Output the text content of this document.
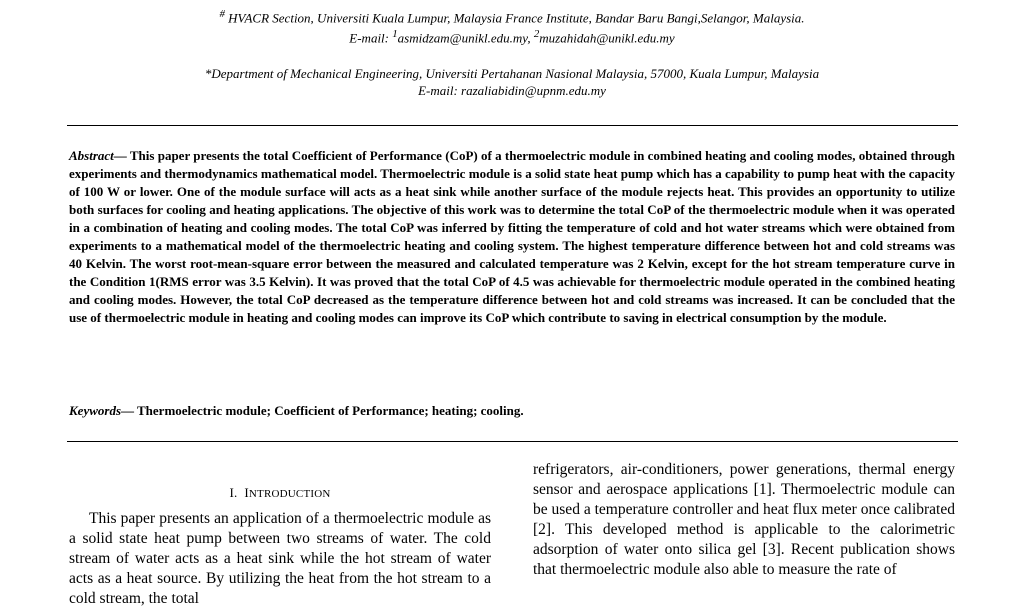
# HVACR Section, Universiti Kuala Lumpur, Malaysia France Institute, Bandar Baru Bangi,Selangor, Malaysia.
E-mail: $^1$asmidzam@unikl.edu.my, $^2$muzahidah@unikl.edu.my
*Department of Mechanical Engineering, Universiti Pertahanan Nasional Malaysia, 57000, Kuala Lumpur, Malaysia
E-mail: razaliabidin@upnm.edu.my

Abstract— This paper presents the total Coefficient of Performance (CoP) of a thermoelectric module in combined heating and cooling modes, obtained through experiments and thermodynamics mathematical model. Thermoelectric module is a solid state heat pump which has a capability to pump heat with the capacity of 100 W or lower. One of the module surface will acts as a heat sink while another surface of the module rejects heat. This provides an opportunity to utilize both surfaces for cooling and heating applications. The objective of this work was to determine the total CoP of the thermoelectric module when it was operated in a combination of heating and cooling modes. The total CoP was inferred by fitting the temperature of cold and hot water streams which were obtained from experiments to a mathematical model of the thermoelectric heating and cooling system. The highest temperature difference between hot and cold streams was 40 Kelvin. The worst root-mean-square error between the measured and calculated temperature was 2 Kelvin, except for the hot stream temperature curve in the Condition 1(RMS error was 3.5 Kelvin). It was proved that the total CoP of 4.5 was achievable for thermoelectric module operated in the combined heating and cooling modes. However, the total CoP decreased as the temperature difference between hot and cold streams was increased. It can be concluded that the use of thermoelectric module in heating and cooling modes can improve its CoP which contribute to saving in electrical consumption by the module.

Keywords— Thermoelectric module; Coefficient of Performance; heating; cooling.

I. INTRODUCTION

This paper presents an application of a thermoelectric module as a solid state heat pump between two streams of water. The cold stream of water acts as a heat sink while the hot stream of water acts as a heat source. By utilizing the heat from the hot stream to a cold stream, the total

refrigerators, air-conditioners, power generations, thermal energy sensor and aerospace applications [1]. Thermoelectric module can be used a temperature controller and heat flux meter once calibrated [2]. This developed method is applicable to the calorimetric adsorption of water onto silica gel [3]. Recent publication shows that thermoelectric module also able to measure the rate of
